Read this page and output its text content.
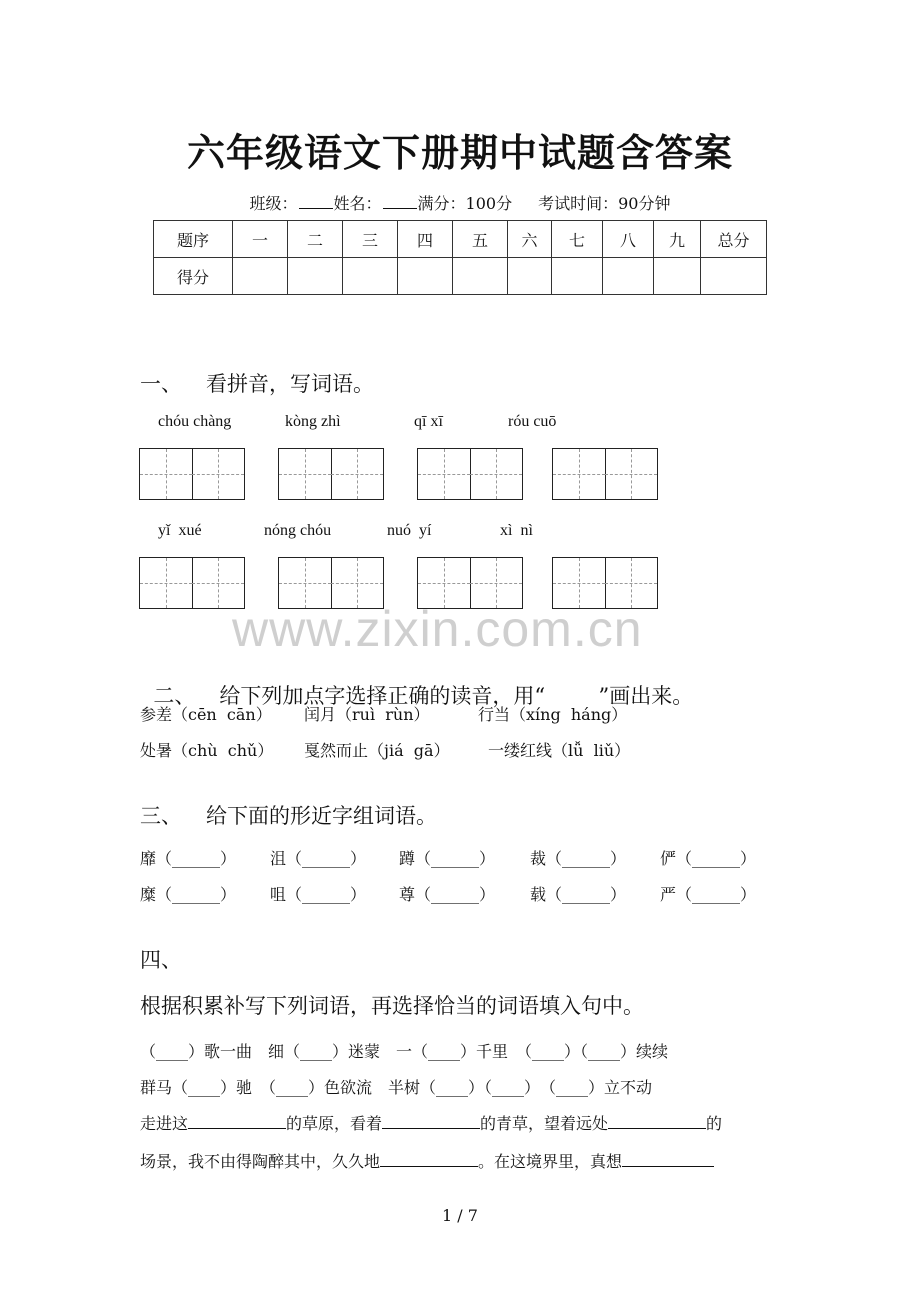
六年级语文下册期中试题含答案
班级： 姓名： 满分：100分 考试时间：90分钟
题序	一	二	三	四	五	六	七	八	九	总分
得分										
一、 看拼音，写词语。
chóu chàng	kòng zhì	qī xī	róu cuō
yǐ  xué	nóng chóu	nuó  yí	xì  nì
www.zixin.com.cn

二、 给下列加点字选择正确的读音，用“        ”画出来。

参差（cēn  cān） 闰月（ruì  rùn）	行当（xíng  háng）
处暑（chù  chǔ） 戛然而止（jiá  gā） 一缕红线（lǚ  liǔ）
三、 给下面的形近字组词语。
靡（______） 沮（______） 蹲（______） 裁（______） 俨（______）
糜（______） 咀（______） 尊（______） 载（______） 严（______）
四、
根据积累补写下列词语，再选择恰当的词语填入句中。
（____）歌一曲　细（____）迷蒙　一（____）千里　（____）（____）续续
群马（____）驰　（____）色欲流　半树（____）（____）　（____）立不动
走进这	的草原，看着	的青草，望着远处	的
场景，我不由得陶醉其中，久久地	。在这境界里，真想
1 / 7
